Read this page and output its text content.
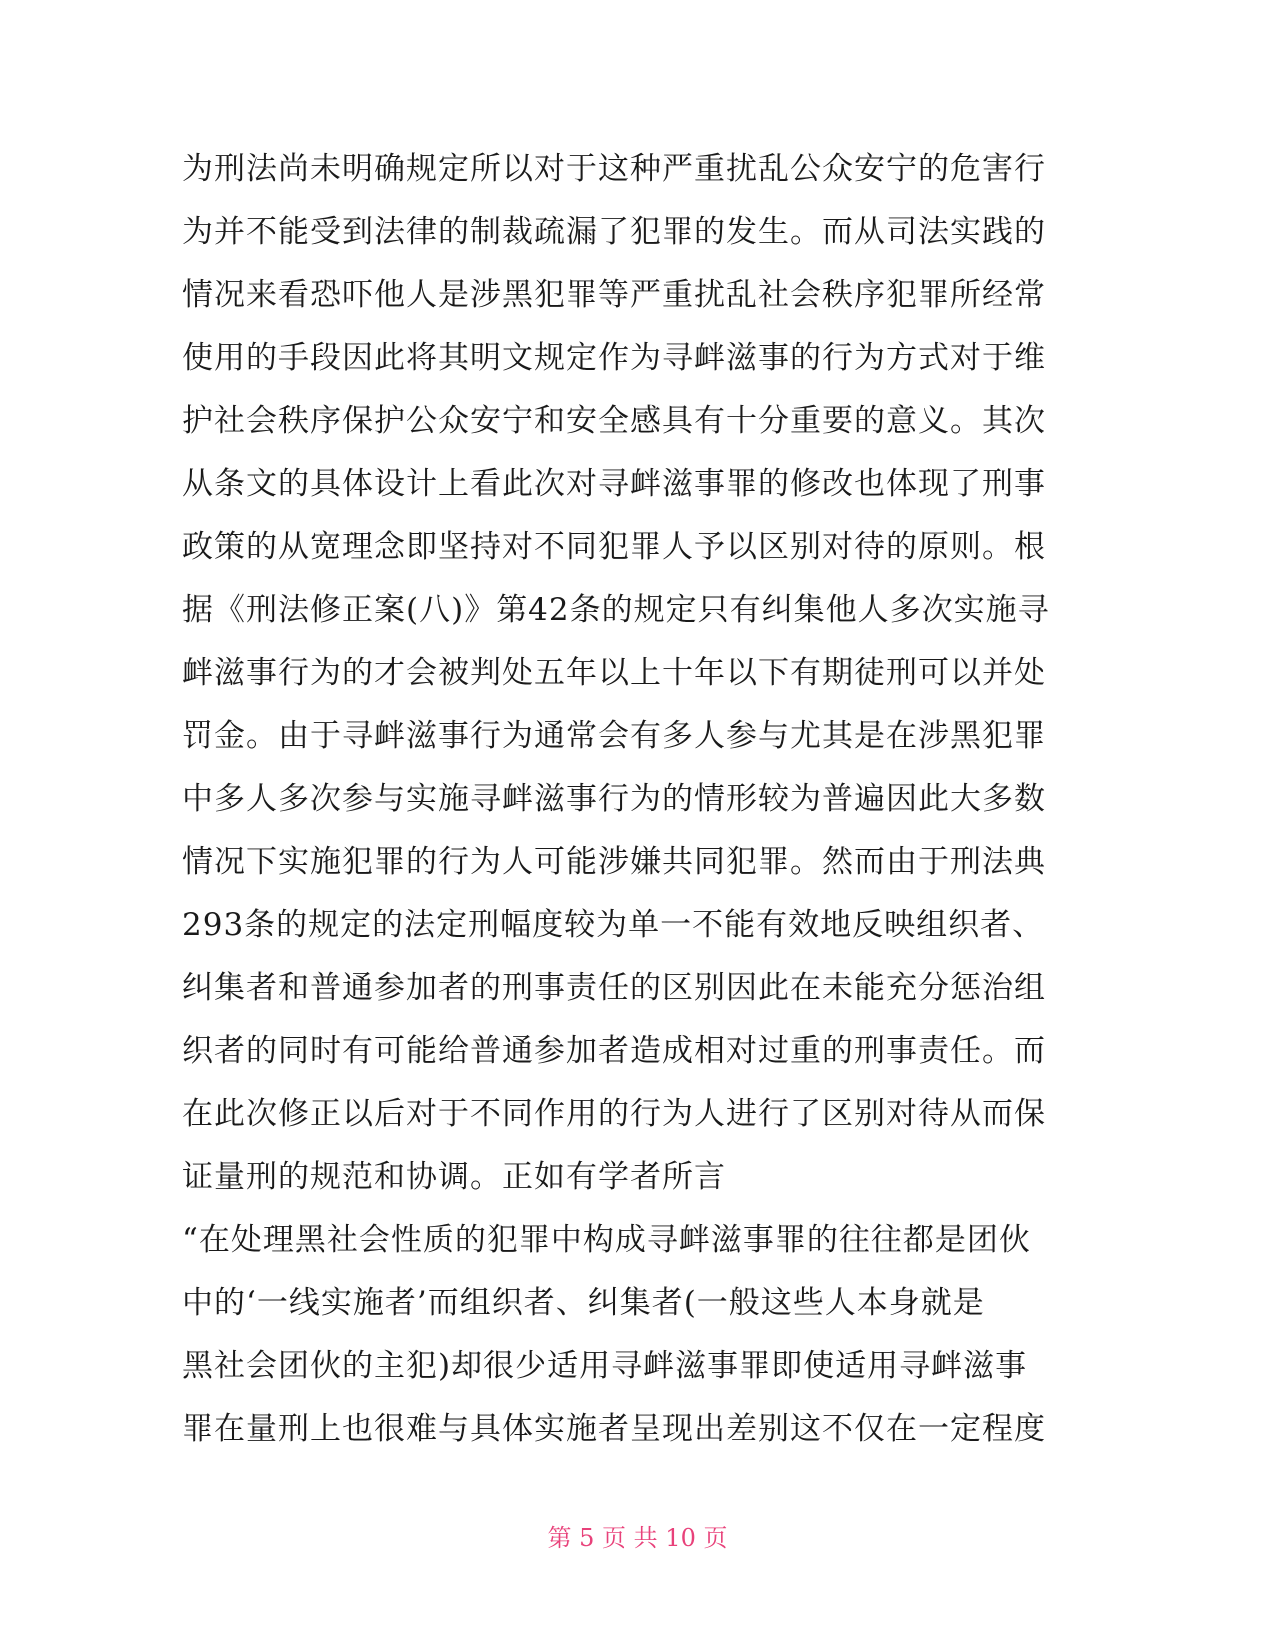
为刑法尚未明确规定所以对于这种严重扰乱公众安宁的危害行
为并不能受到法律的制裁疏漏了犯罪的发生。而从司法实践的
情况来看恐吓他人是涉黑犯罪等严重扰乱社会秩序犯罪所经常
使用的手段因此将其明文规定作为寻衅滋事的行为方式对于维
护社会秩序保护公众安宁和安全感具有十分重要的意义。其次
从条文的具体设计上看此次对寻衅滋事罪的修改也体现了刑事
政策的从宽理念即坚持对不同犯罪人予以区别对待的原则。根
据《刑法修正案(八)》第42条的规定只有纠集他人多次实施寻
衅滋事行为的才会被判处五年以上十年以下有期徒刑可以并处
罚金。由于寻衅滋事行为通常会有多人参与尤其是在涉黑犯罪
中多人多次参与实施寻衅滋事行为的情形较为普遍因此大多数
情况下实施犯罪的行为人可能涉嫌共同犯罪。然而由于刑法典
293条的规定的法定刑幅度较为单一不能有效地反映组织者、
纠集者和普通参加者的刑事责任的区别因此在未能充分惩治组
织者的同时有可能给普通参加者造成相对过重的刑事责任。而
在此次修正以后对于不同作用的行为人进行了区别对待从而保
证量刑的规范和协调。正如有学者所言
“在处理黑社会性质的犯罪中构成寻衅滋事罪的往往都是团伙
中的‘一线实施者’而组织者、纠集者(一般这些人本身就是
黑社会团伙的主犯)却很少适用寻衅滋事罪即使适用寻衅滋事
罪在量刑上也很难与具体实施者呈现出差别这不仅在一定程度
第 5 页 共 10 页
